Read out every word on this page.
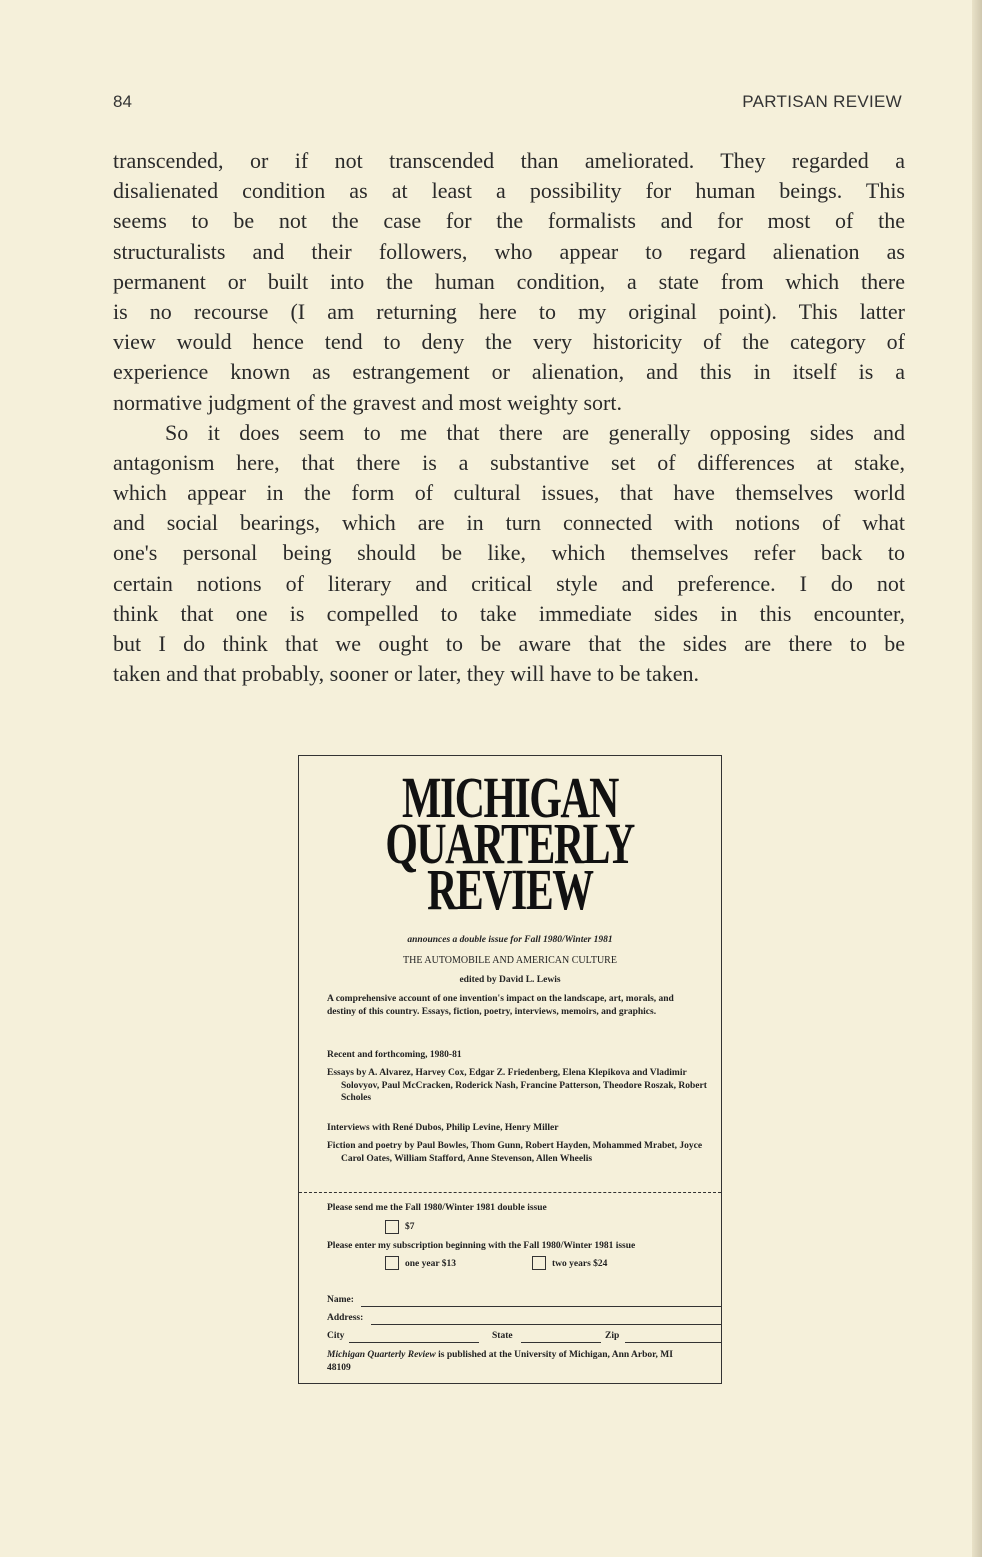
84	PARTISAN REVIEW
transcended, or if not transcended than ameliorated. They regarded a
disalienated condition as at least a possibility for human beings. This
seems to be not the case for the formalists and for most of the
structuralists and their followers, who appear to regard alienation as
permanent or built into the human condition, a state from which there
is no recourse (I am returning here to my original point). This latter
view would hence tend to deny the very historicity of the category of
experience known as estrangement or alienation, and this in itself is a
normative judgment of the gravest and most weighty sort.
So it does seem to me that there are generally opposing sides and
antagonism here, that there is a substantive set of differences at stake,
which appear in the form of cultural issues, that have themselves world
and social bearings, which are in turn connected with notions of what
one's personal being should be like, which themselves refer back to
certain notions of literary and critical style and preference. I do not
think that one is compelled to take immediate sides in this encounter,
but I do think that we ought to be aware that the sides are there to be
taken and that probably, sooner or later, they will have to be taken.
MICHIGAN
QUARTERLY
REVIEW
announces a double issue for Fall 1980/Winter 1981
THE AUTOMOBILE AND AMERICAN CULTURE
edited by David L. Lewis
A comprehensive account of one invention's impact on the landscape, art, morals, and destiny of this country. Essays, fiction, poetry, interviews, memoirs, and graphics.
Recent and forthcoming, 1980-81
Essays by A. Alvarez, Harvey Cox, Edgar Z. Friedenberg, Elena Klepikova and Vladimir Solovyov, Paul McCracken, Roderick Nash, Francine Patterson, Theodore Roszak, Robert Scholes
Interviews with René Dubos, Philip Levine, Henry Miller
Fiction and poetry by Paul Bowles, Thom Gunn, Robert Hayden, Mohammed Mrabet, Joyce Carol Oates, William Stafford, Anne Stevenson, Allen Wheelis
Please send me the Fall 1980/Winter 1981 double issue
$7
Please enter my subscription beginning with the Fall 1980/Winter 1981 issue
one year $13	two years $24
Name:
Address:
City	State	Zip
Michigan Quarterly Review is published at the University of Michigan, Ann Arbor, MI 48109
